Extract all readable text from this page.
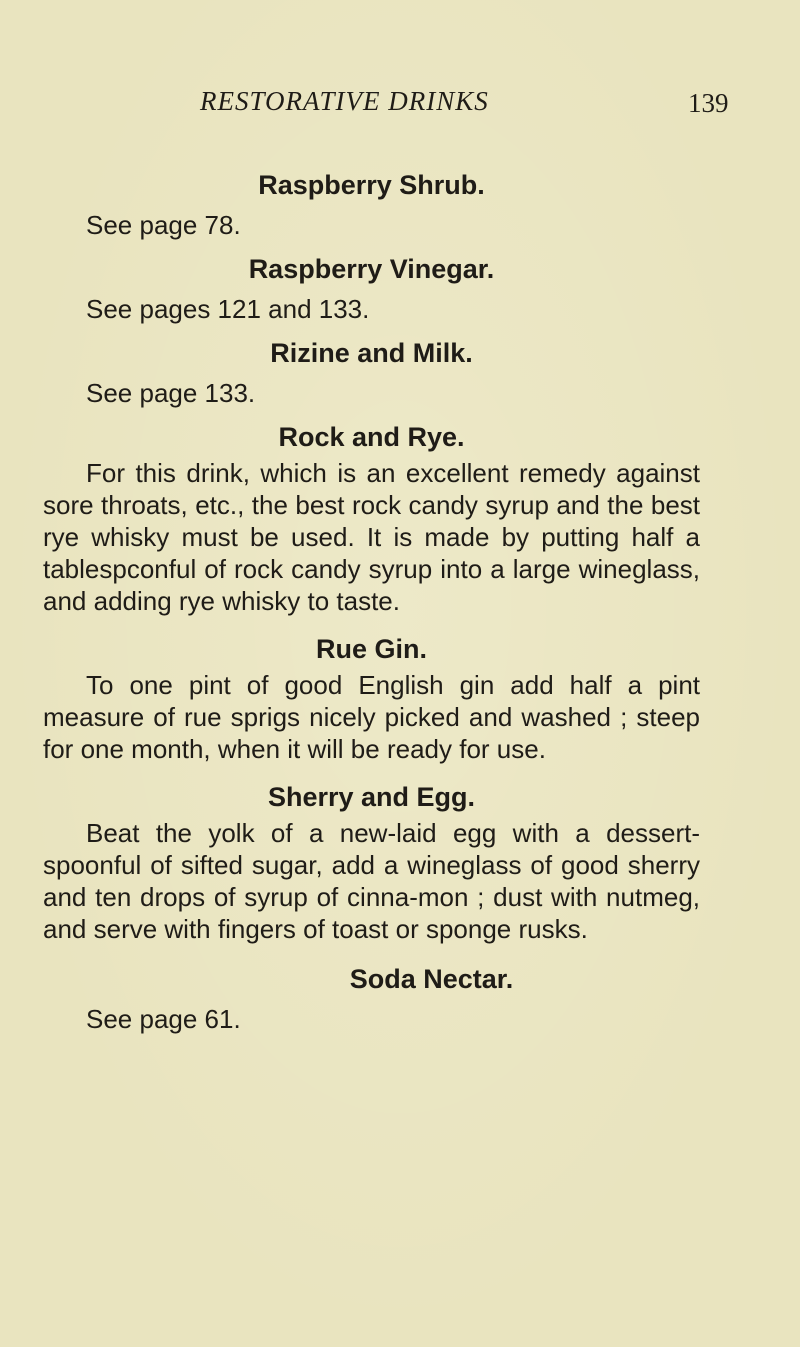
RESTORATIVE DRINKS	139
Raspberry Shrub.

See page 78.

Raspberry Vinegar.

See pages 121 and 133.

Rizine and Milk.

See page 133.

Rock and Rye.

For this drink, which is an excellent remedy against sore throats, etc., the best rock candy syrup and the best rye whisky must be used. It is made by putting half a tablespconful of rock candy syrup into a large wineglass, and adding rye whisky to taste.

Rue Gin.

To one pint of good English gin add half a pint measure of rue sprigs nicely picked and washed ; steep for one month, when it will be ready for use.

Sherry and Egg.

Beat the yolk of a new-laid egg with a dessert-spoonful of sifted sugar, add a wineglass of good sherry and ten drops of syrup of cinna-mon ; dust with nutmeg, and serve with fingers of toast or sponge rusks.

Soda Nectar.

See page 61.
